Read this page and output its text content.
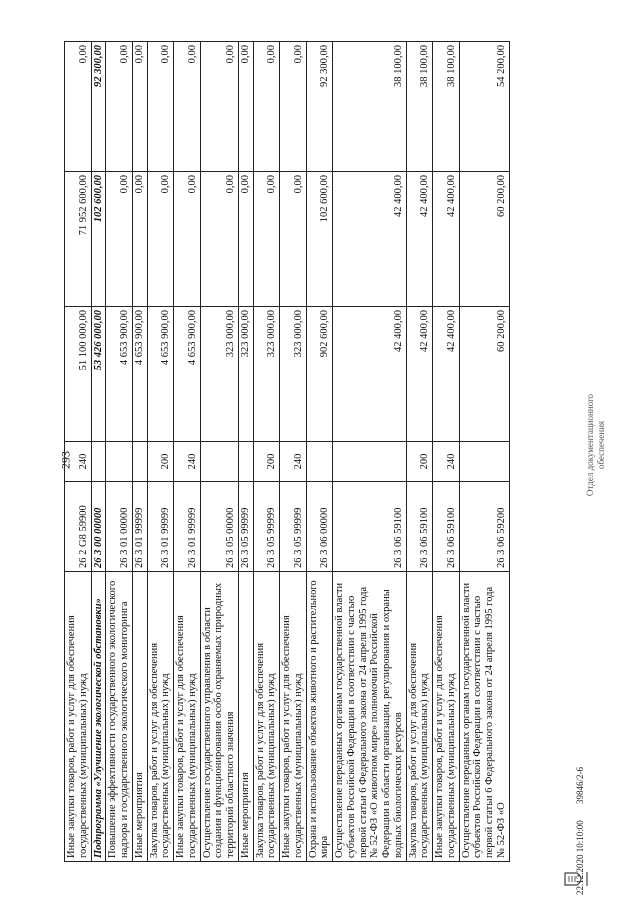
293
Иные закупки товаров, работ и услуг для обеспечения государственных (муниципальных) нужд	26 2 G8 59900	240	51 100 000,00	71 952 600,00	0,00
Подпрограмма «Улучшение экологической обстановки»	26 3 00 00000		53 426 000,00	102 600,00	92 300,00
Повышение эффективности государственного экологического надзора и государственного экологического мониторинга	26 3 01 00000		4 653 900,00	0,00	0,00
Иные мероприятия	26 3 01 99999		4 653 900,00	0,00	0,00
Закупка товаров, работ и услуг для обеспечения государственных (муниципальных) нужд	26 3 01 99999	200	4 653 900,00	0,00	0,00
Иные закупки товаров, работ и услуг для обеспечения государственных (муниципальных) нужд	26 3 01 99999	240	4 653 900,00	0,00	0,00
Осуществление государственного управления в области создания и функционирования особо охраняемых природных территорий областного значения	26 3 05 00000		323 000,00	0,00	0,00
Иные мероприятия	26 3 05 99999		323 000,00	0,00	0,00
Закупка товаров, работ и услуг для обеспечения государственных (муниципальных) нужд	26 3 05 99999	200	323 000,00	0,00	0,00
Иные закупки товаров, работ и услуг для обеспечения государственных (муниципальных) нужд	26 3 05 99999	240	323 000,00	0,00	0,00
Охрана и использование объектов животного и растительного мира	26 3 06 00000		902 600,00	102 600,00	92 300,00
Осуществление переданных органам государственной власти субъектов Российской Федерации в соответствии с частью первой статьи 6 Федерального закона от 24 апреля 1995 года № 52-ФЗ «О животном мире» полномочий Российской Федерации в области организации, регулирования и охраны водных биологических ресурсов	26 3 06 59100		42 400,00	42 400,00	38 100,00
Закупка товаров, работ и услуг для обеспечения государственных (муниципальных) нужд	26 3 06 59100	200	42 400,00	42 400,00	38 100,00
Иные закупки товаров, работ и услуг для обеспечения государственных (муниципальных) нужд	26 3 06 59100	240	42 400,00	42 400,00	38 100,00
Осуществление переданных органам государственной власти субъектов Российской Федерации в соответствии с частью первой статьи 6 Федерального закона от 24 апреля 1995 года № 52-ФЗ «О	26 3 06 59200		60 200,00	60 200,00	54 200,00
22.12.2020 10:10:00 39846/2-6
Отдел документационного обеспечения
